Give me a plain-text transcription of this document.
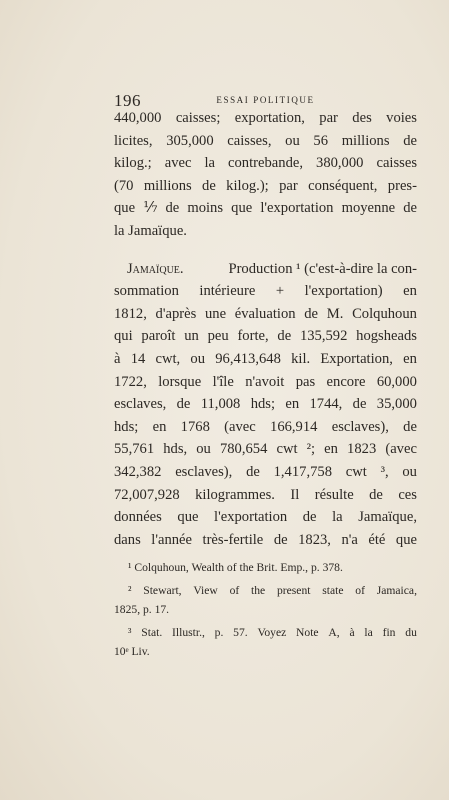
196	ESSAI POLITIQUE
440,000 caisses; exportation, par des voies
licites, 305,000 caisses, ou 56 millions de
kilog.; avec la contrebande, 380,000 caisses
(70 millions de kilog.); par conséquent, pres-
que ⅐ de moins que l'exportation moyenne de
la Jamaïque.
Jamaïque.	Production ¹ (c'est-à-dire la con-
sommation intérieure + l'exportation) en
1812, d'après une évaluation de M. Colquhoun
qui paroît un peu forte, de 135,592 hogsheads
à 14 cwt, ou 96,413,648 kil. Exportation, en
1722, lorsque l'île n'avoit pas encore 60,000
esclaves, de 11,008 hds; en 1744, de 35,000
hds; en 1768 (avec 166,914 esclaves), de
55,761 hds, ou 780,654 cwt ²; en 1823 (avec
342,382 esclaves), de 1,417,758 cwt ³, ou
72,007,928 kilogrammes. Il résulte de ces
données que l'exportation de la Jamaïque,
dans l'année très-fertile de 1823, n'a été que
¹ Colquhoun, Wealth of the Brit. Emp., p. 378.
² Stewart, View of the present state of Jamaica,
1825, p. 17.
³ Stat. Illustr., p. 57. Voyez Note A, à la fin du
10ᵉ Liv.
